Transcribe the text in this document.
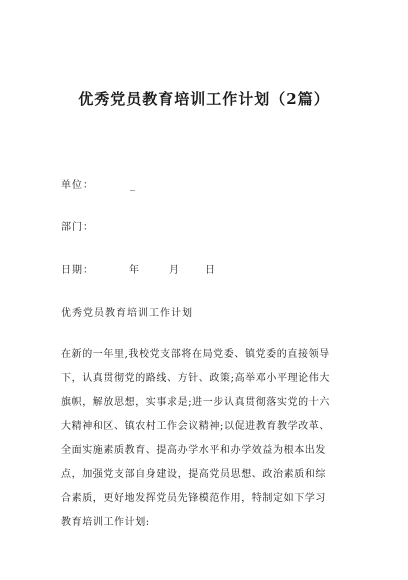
优秀党员教育培训工作计划（2篇）
单位：	_
部门：
日期：	年	月	日
优秀党员教育培训工作计划
在新的一年里,我校党支部将在局党委、镇党委的直接领导
下，认真贯彻党的路线、方针、政策;高举邓小平理论伟大
旗帜，解放思想，实事求是;进一步认真贯彻落实党的十六
大精神和区、镇农村工作会议精神;以促进教育教学改革、
全面实施素质教育、提高办学水平和办学效益为根本出发
点，加强党支部自身建设，提高党员思想、政治素质和综
合素质，更好地发挥党员先锋模范作用，特制定如下学习
教育培训工作计划:
